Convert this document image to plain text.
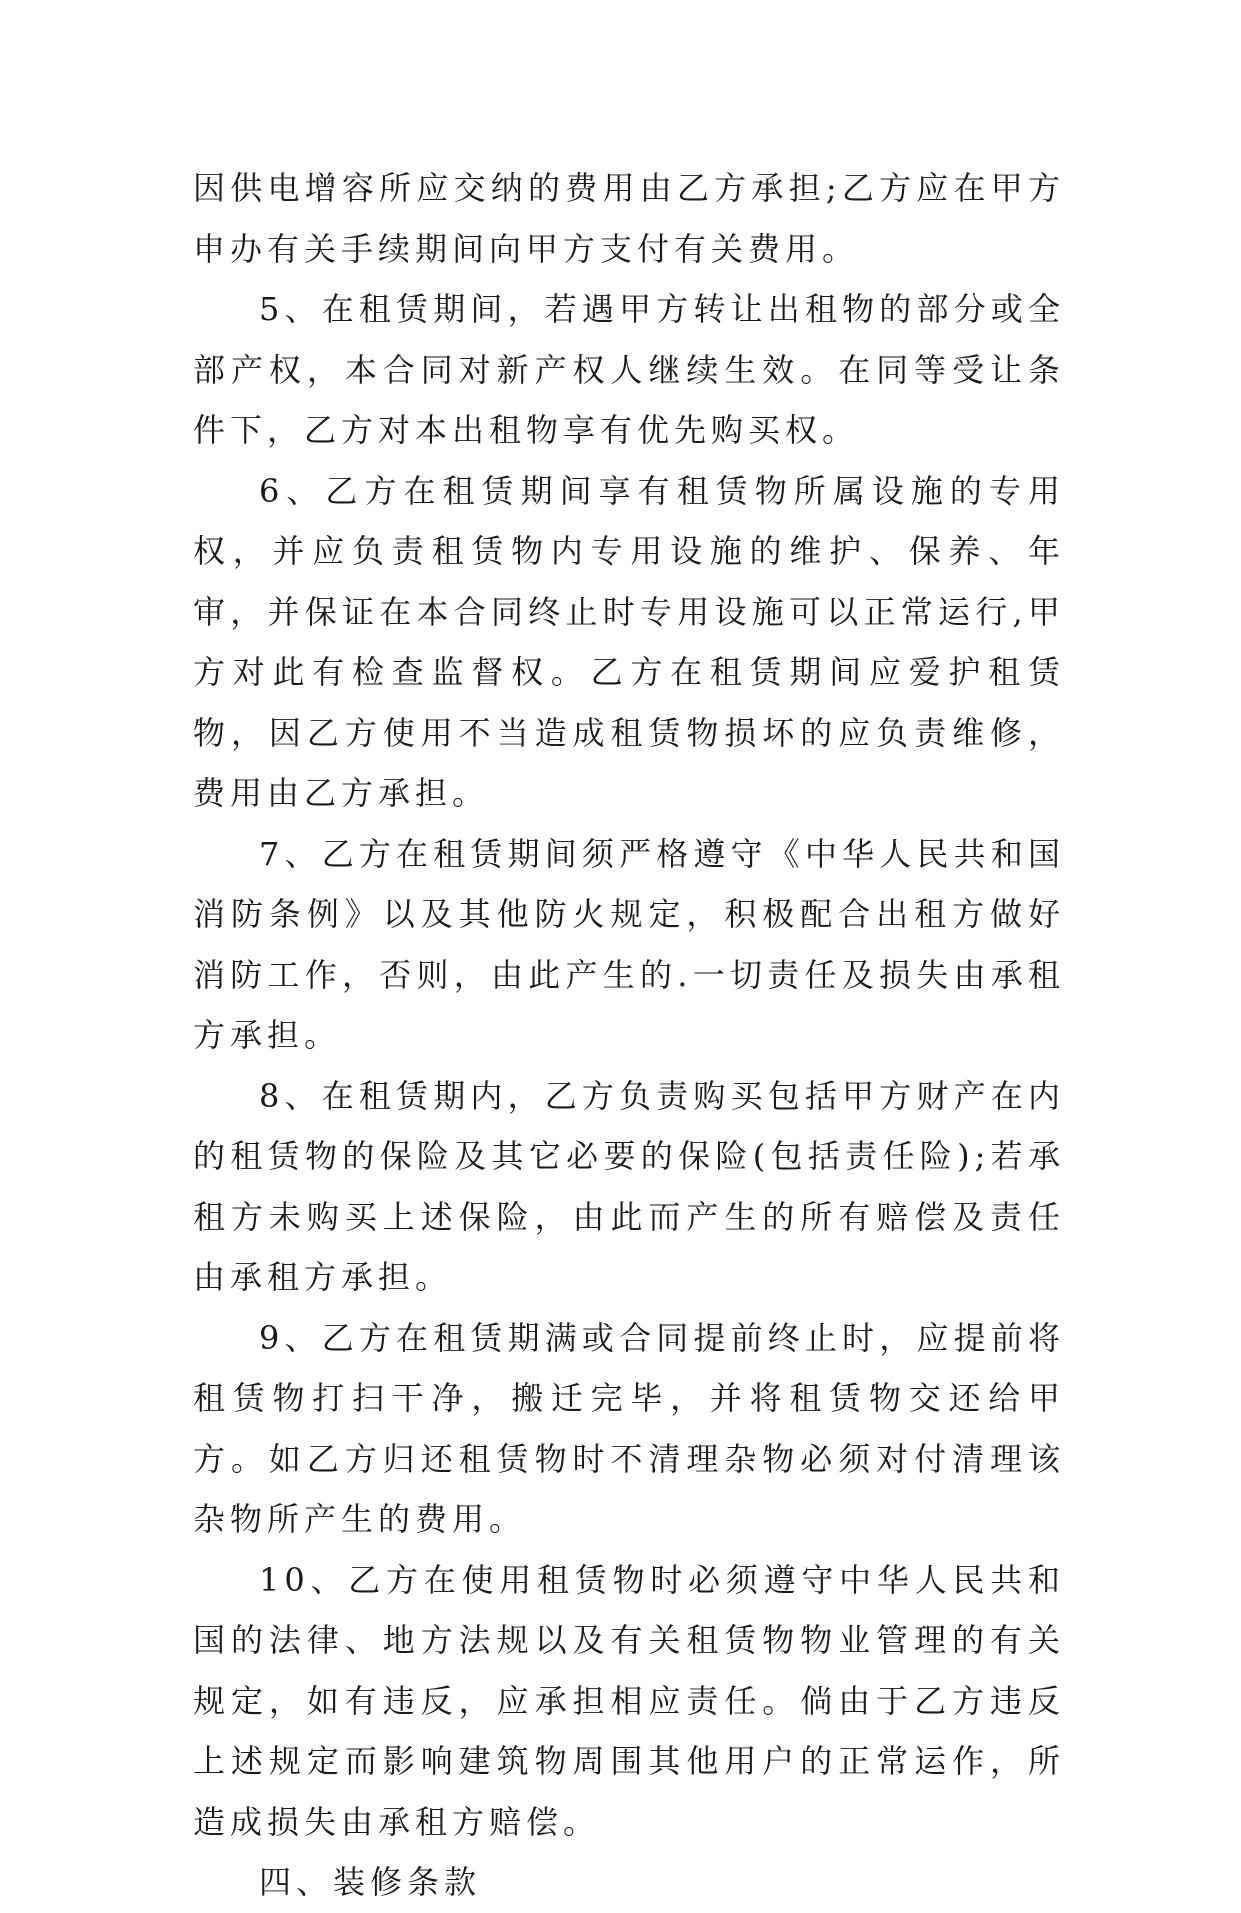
因供电增容所应交纳的费用由乙方承担;乙方应在甲方申办有关手续期间向甲方支付有关费用。

5、在租赁期间，若遇甲方转让出租物的部分或全部产权，本合同对新产权人继续生效。在同等受让条件下，乙方对本出租物享有优先购买权。

6、乙方在租赁期间享有租赁物所属设施的专用权，并应负责租赁物内专用设施的维护、保养、年审，并保证在本合同终止时专用设施可以正常运行,甲方对此有检查监督权。乙方在租赁期间应爱护租赁物，因乙方使用不当造成租赁物损坏的应负责维修，费用由乙方承担。

7、乙方在租赁期间须严格遵守《中华人民共和国消防条例》以及其他防火规定，积极配合出租方做好消防工作，否则，由此产生的.一切责任及损失由承租方承担。

8、在租赁期内，乙方负责购买包括甲方财产在内的租赁物的保险及其它必要的保险(包括责任险);若承租方未购买上述保险，由此而产生的所有赔偿及责任由承租方承担。

9、乙方在租赁期满或合同提前终止时，应提前将租赁物打扫干净，搬迁完毕，并将租赁物交还给甲方。如乙方归还租赁物时不清理杂物必须对付清理该杂物所产生的费用。

10、乙方在使用租赁物时必须遵守中华人民共和国的法律、地方法规以及有关租赁物物业管理的有关规定，如有违反，应承担相应责任。倘由于乙方违反上述规定而影响建筑物周围其他用户的正常运作，所造成损失由承租方赔偿。

四、装修条款
